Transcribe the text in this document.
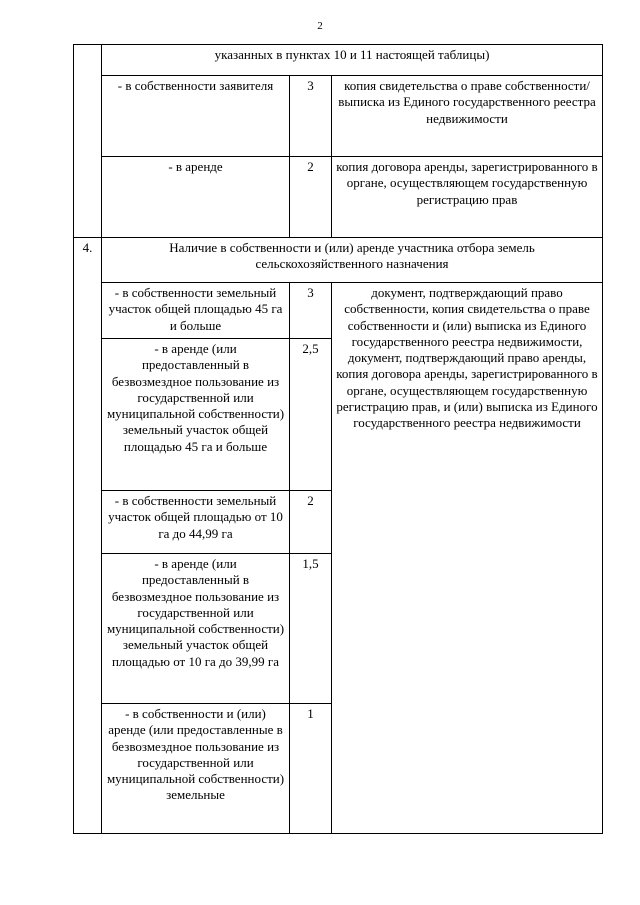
2
	указанных в пунктах 10 и 11 настоящей таблицы)		
	- в собственности заявителя	3	копия свидетельства о праве собственности/выписка из Единого государственного реестра недвижимости
	- в аренде	2	копия договора аренды, зарегистрированного в органе, осуществляющем государственную регистрацию прав
4.	Наличие в собственности и (или) аренде участника отбора земель сельскохозяйственного назначения		
	- в собственности земельный участок общей площадью 45 га и больше	3	документ, подтверждающий право собственности, копия свидетельства о праве собственности и (или) выписка из Единого государственного реестра недвижимости,
документ, подтверждающий право аренды, копия договора аренды, зарегистрированного в органе, осуществляющем государственную регистрацию прав, и (или) выписка из Единого государственного реестра недвижимости

	- в аренде (или предоставленный в безвозмездное пользование из государственной или муниципальной собственности) земельный участок общей площадью 45 га и больше	2,5	
	- в собственности земельный участок общей площадью от 10 га до 44,99 га	2	
	- в аренде (или предоставленный в безвозмездное пользование из государственной или муниципальной собственности) земельный участок общей площадью от 10 га до 39,99 га	1,5	
	- в собственности и (или) аренде (или предоставленные в безвозмездное пользование из государственной или муниципальной собственности) земельные	1	
